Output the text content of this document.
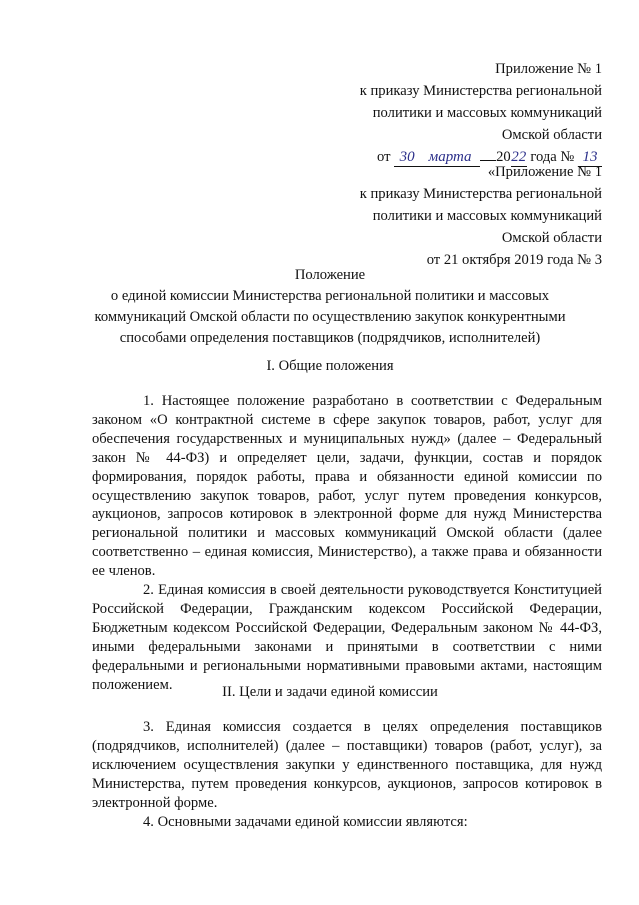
Приложение № 1
к приказу Министерства региональной
политики и массовых коммуникаций
Омской области
от 30 марта 2022 года № 13
«Приложение № 1
к приказу Министерства региональной
политики и массовых коммуникаций
Омской области
от 21 октября 2019 года № 3
Положение
о единой комиссии Министерства региональной политики и массовых
коммуникаций Омской области по осуществлению закупок конкурентными
способами определения поставщиков (подрядчиков, исполнителей)
I. Общие положения

1. Настоящее положение разработано в соответствии с Федеральным законом «О контрактной системе в сфере закупок товаров, работ, услуг для обеспечения государственных и муниципальных нужд» (далее – Федеральный закон № 44-ФЗ) и определяет цели, задачи, функции, состав и порядок формирования, порядок работы, права и обязанности единой комиссии по осуществлению закупок товаров, работ, услуг путем проведения конкурсов, аукционов, запросов котировок в электронной форме для нужд Министерства региональной политики и массовых коммуникаций Омской области (далее соответственно – единая комиссия, Министерство), а также права и обязанности ее членов.

2. Единая комиссия в своей деятельности руководствуется Конституцией Российской Федерации, Гражданским кодексом Российской Федерации, Бюджетным кодексом Российской Федерации, Федеральным законом № 44-ФЗ, иными федеральными законами и принятыми в соответствии с ними федеральными и региональными нормативными правовыми актами, настоящим положением.	II. Цели и задачи единой комиссии

3. Единая комиссия создается в целях определения поставщиков (подрядчиков, исполнителей) (далее – поставщики) товаров (работ, услуг), за исключением осуществления закупки у единственного поставщика, для нужд Министерства, путем проведения конкурсов, аукционов, запросов котировок в электронной форме.

4. Основными задачами единой комиссии являются:
